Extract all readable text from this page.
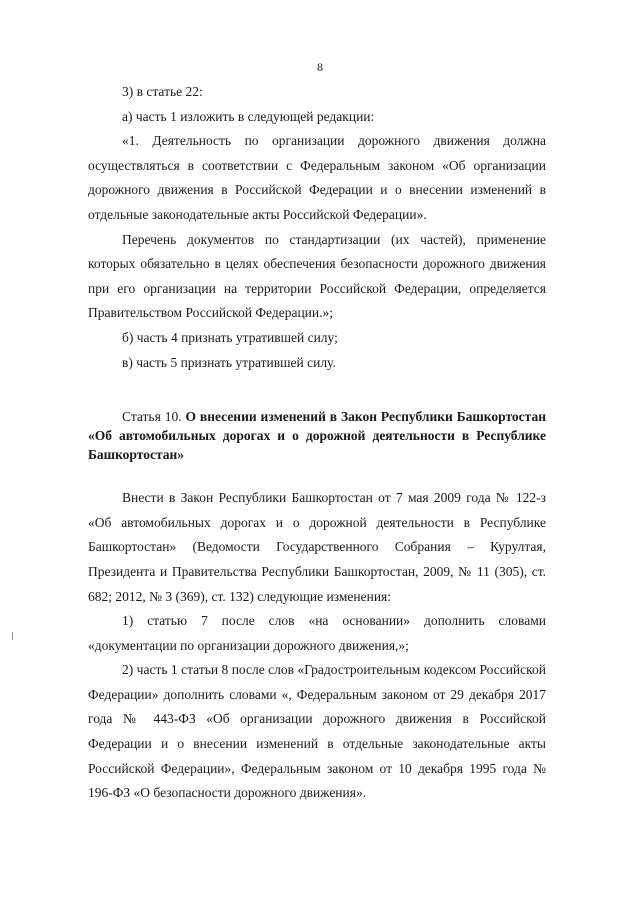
8

3) в статье 22:

а) часть 1 изложить в следующей редакции:

«1. Деятельность по организации дорожного движения должна осуществляться в соответствии с Федеральным законом «Об организации дорожного движения в Российской Федерации и о внесении изменений в отдельные законодательные акты Российской Федерации».

Перечень документов по стандартизации (их частей), применение которых обязательно в целях обеспечения безопасности дорожного движения при его организации на территории Российской Федерации, определяется Правительством Российской Федерации.»;

б) часть 4 признать утратившей силу;

в) часть 5 признать утратившей силу.

Статья 10. О внесении изменений в Закон Республики Башкортостан «Об автомобильных дорогах и о дорожной деятельности в Республике Башкортостан»

Внести в Закон Республики Башкортостан от 7 мая 2009 года № 122-з «Об автомобильных дорогах и о дорожной деятельности в Республике Башкортостан» (Ведомости Государственного Собрания – Курултая, Президента и Правительства Республики Башкортостан, 2009, № 11 (305), ст. 682; 2012, № 3 (369), ст. 132) следующие изменения:

1) статью 7 после слов «на основании» дополнить словами «документации по организации дорожного движения,»;

2) часть 1 статьи 8 после слов «Градостроительным кодексом Российской Федерации» дополнить словами «, Федеральным законом от 29 декабря 2017 года № 443-ФЗ «Об организации дорожного движения в Российской Федерации и о внесении изменений в отдельные законодательные акты Российской Федерации», Федеральным законом от 10 декабря 1995 года № 196-ФЗ «О безопасности дорожного движения».
